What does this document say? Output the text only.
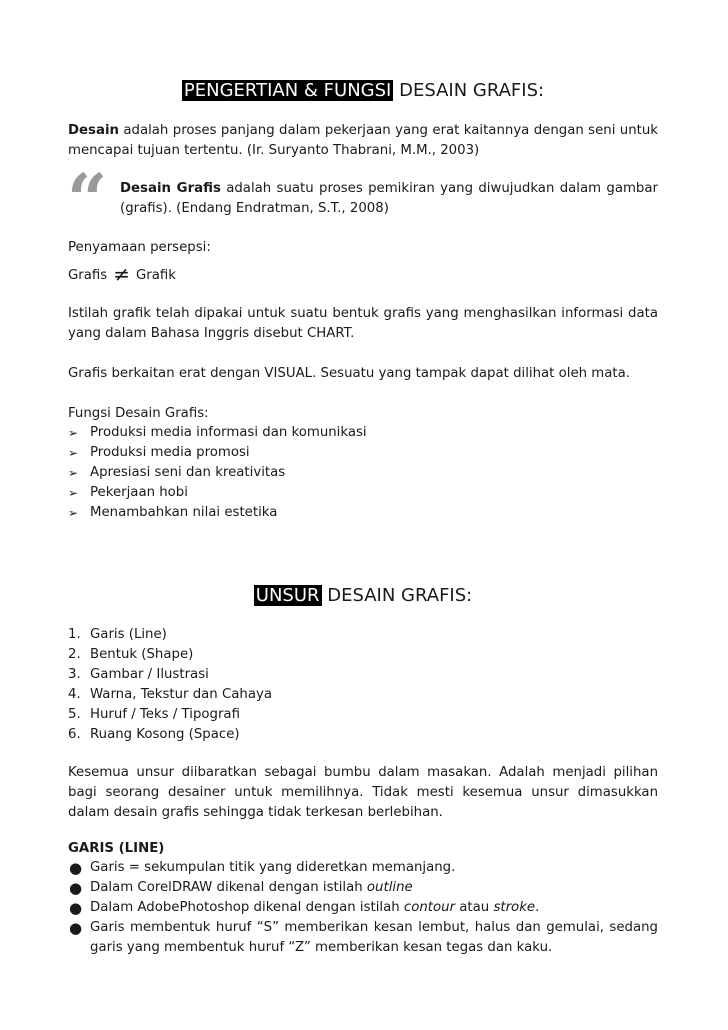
PENGERTIAN & FUNGSI DESAIN GRAFIS:

Desain adalah proses panjang dalam pekerjaan yang erat kaitannya dengan seni untuk mencapai tujuan tertentu. (Ir. Suryanto Thabrani, M.M., 2003)

“ Desain Grafis adalah suatu proses pemikiran yang diwujudkan dalam gambar (grafis). (Endang Endratman, S.T., 2008)

Penyamaan persepsi:

Grafis ≠ Grafik

Istilah grafik telah dipakai untuk suatu bentuk grafis yang menghasilkan informasi data yang dalam Bahasa Inggris disebut CHART.

Grafis berkaitan erat dengan VISUAL. Sesuatu yang tampak dapat dilihat oleh mata.

Fungsi Desain Grafis:

➢ Produksi media informasi dan komunikasi
➢ Produksi media promosi
➢ Apresiasi seni dan kreativitas
➢ Pekerjaan hobi
➢ Menambahkan nilai estetika
UNSUR DESAIN GRAFIS:
1. Garis (Line)
2. Bentuk (Shape)
3. Gambar / Ilustrasi
4. Warna, Tekstur dan Cahaya
5. Huruf / Teks / Tipografi
6. Ruang Kosong (Space)

Kesemua unsur diibaratkan sebagai bumbu dalam masakan. Adalah menjadi pilihan bagi seorang desainer untuk memilihnya. Tidak mesti kesemua unsur dimasukkan dalam desain grafis sehingga tidak terkesan berlebihan.

GARIS (LINE)

● Garis = sekumpulan titik yang dideretkan memanjang.
● Dalam CorelDRAW dikenal dengan istilah outline
● Dalam AdobePhotoshop dikenal dengan istilah contour atau stroke.
● Garis membentuk huruf “S” memberikan kesan lembut, halus dan gemulai, sedang garis yang membentuk huruf “Z” memberikan kesan tegas dan kaku.
